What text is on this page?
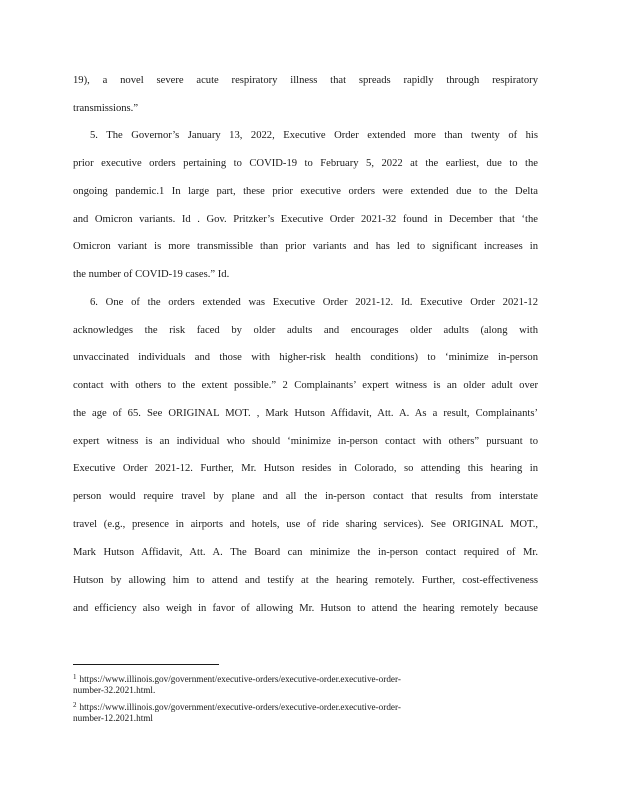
19), a novel severe acute respiratory illness that spreads rapidly through respiratory
transmissions.”
5. The Governor’s January 13, 2022, Executive Order extended more than twenty of his
prior executive orders pertaining to COVID-19 to February 5, 2022 at the earliest, due to the
ongoing pandemic.1 In large part, these prior executive orders were extended due to the Delta
and Omicron variants. Id . Gov. Pritzker’s Executive Order 2021-32 found in December that ‘the
Omicron variant is more transmissible than prior variants and has led to significant increases in
the number of COVID-19 cases.” Id.
6. One of the orders extended was Executive Order 2021-12. Id. Executive Order 2021-12
acknowledges the risk faced by older adults and encourages older adults (along with
unvaccinated individuals and those with higher-risk health conditions) to ‘minimize in-person
contact with others to the extent possible.” 2 Complainants’ expert witness is an older adult over
the age of 65. See ORIGINAL MOT. , Mark Hutson Affidavit, Att. A. As a result, Complainants’
expert witness is an individual who should ‘minimize in-person contact with others” pursuant to
Executive Order 2021-12. Further, Mr. Hutson resides in Colorado, so attending this hearing in
person would require travel by plane and all the in-person contact that results from interstate
travel (e.g., presence in airports and hotels, use of ride sharing services). See ORIGINAL MOT.,
Mark Hutson Affidavit, Att. A. The Board can minimize the in-person contact required of Mr.
Hutson by allowing him to attend and testify at the hearing remotely. Further, cost-effectiveness
and efficiency also weigh in favor of allowing Mr. Hutson to attend the hearing remotely because
$^1$ https://www.illinois.gov/government/executive-orders/executive-order.executive-order-
number-32.2021.html.
$^2$ https://www.illinois.gov/government/executive-orders/executive-order.executive-order-
number-12.2021.html
